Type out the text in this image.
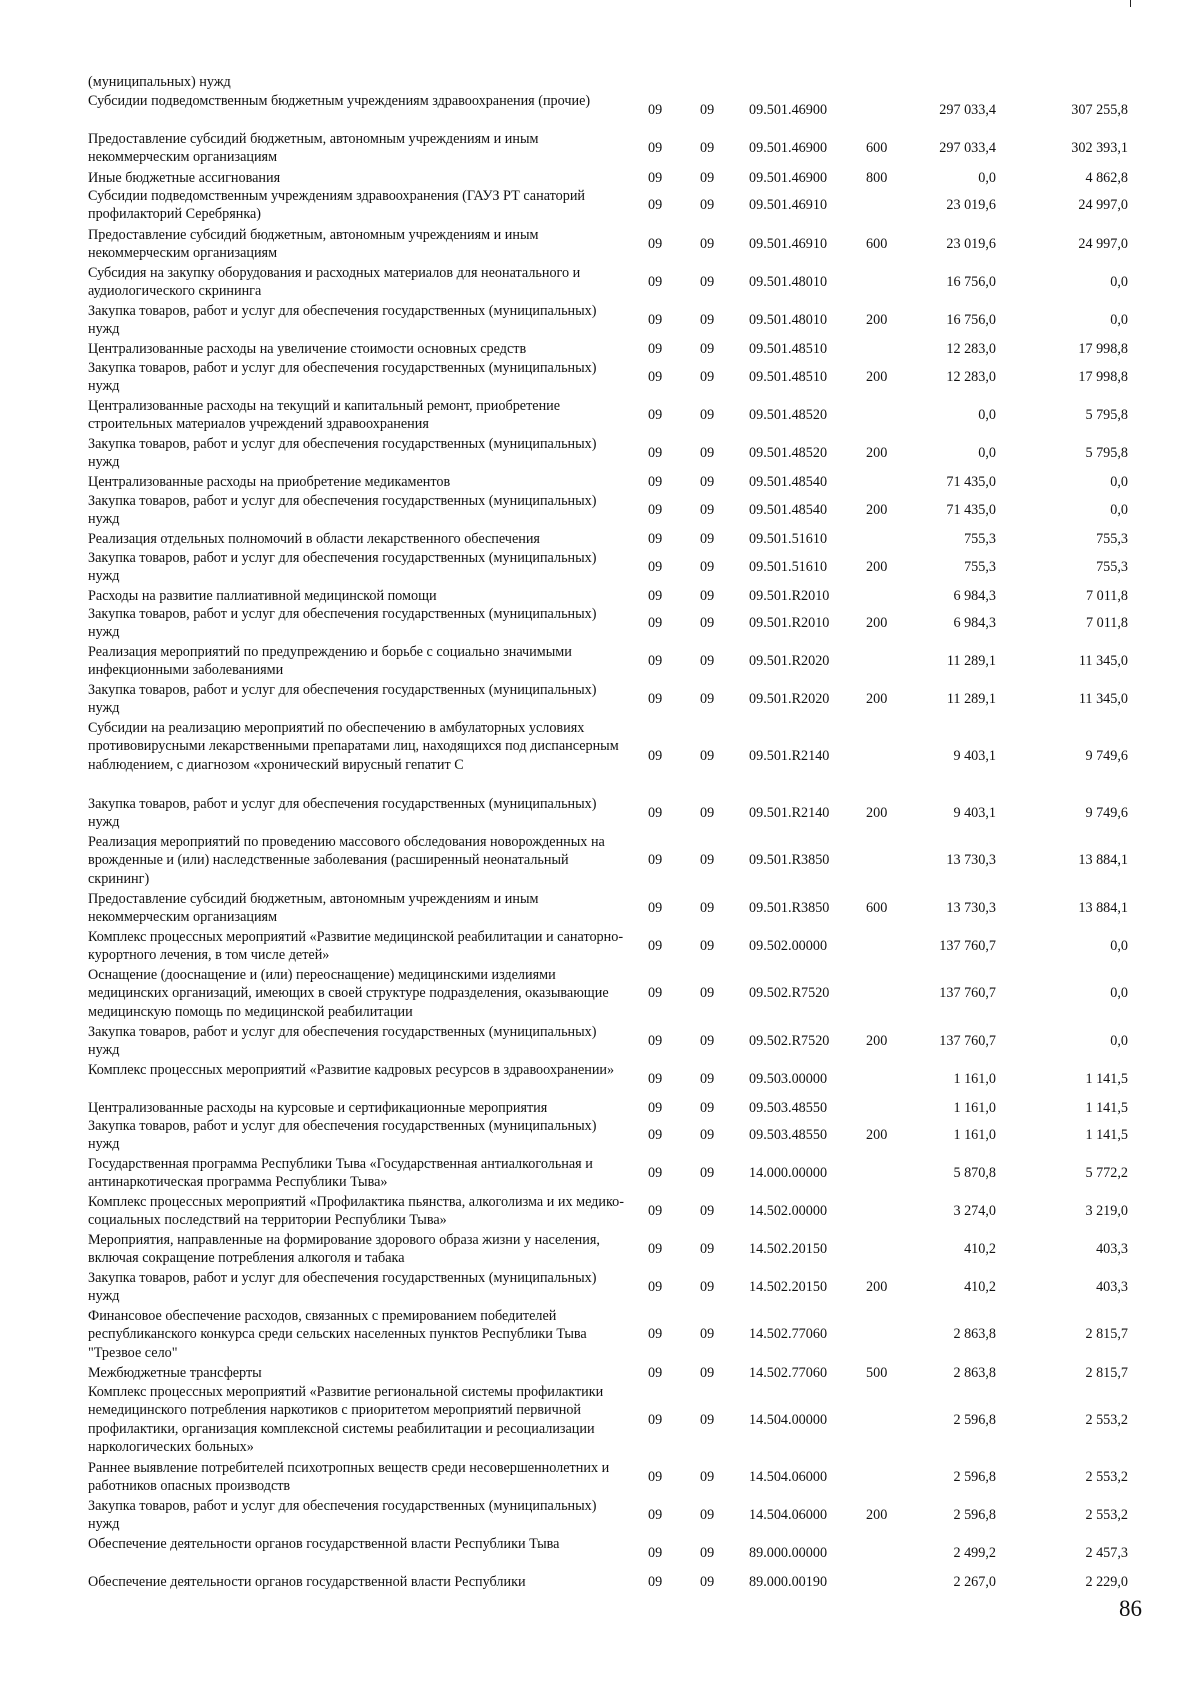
(муниципальных) нужд
Субсидии подведомственным бюджетным учреждениям здравоохранения (прочие)
09	09 09.501.46900	297 033,4	307 255,8
Предоставление субсидий бюджетным, автономным учреждениям и иным некоммерческим организациям
09	09 09.501.46900	600	297 033,4	302 393,1
Иные бюджетные ассигнования	09	09 09.501.46900	800	0,0	4 862,8
Субсидии подведомственным учреждениям здравоохранения (ГАУЗ РТ санаторий профилакторий Серебрянка)
09	09 09.501.46910	23 019,6	24 997,0
Предоставление субсидий бюджетным, автономным учреждениям и иным некоммерческим организациям
09	09 09.501.46910	600	23 019,6	24 997,0
Субсидия на закупку оборудования и расходных материалов для неонатального и аудиологического скрининга
09	09 09.501.48010	16 756,0	0,0
Закупка товаров, работ и услуг для обеспечения государственных (муниципальных) нужд
09	09 09.501.48010	200	16 756,0	0,0
Централизованные расходы на увеличение стоимости основных средств	09	09 09.501.48510	12 283,0	17 998,8
Закупка товаров, работ и услуг для обеспечения государственных (муниципальных) нужд
09	09 09.501.48510	200	12 283,0	17 998,8
Централизованные расходы на текущий и капитальный ремонт, приобретение строительных материалов учреждений здравоохранения
09	09 09.501.48520	0,0	5 795,8
Закупка товаров, работ и услуг для обеспечения государственных (муниципальных) нужд
09	09 09.501.48520	200	0,0	5 795,8
Централизованные расходы на приобретение медикаментов	09	09 09.501.48540	71 435,0	0,0
Закупка товаров, работ и услуг для обеспечения государственных (муниципальных) нужд
09	09 09.501.48540	200	71 435,0	0,0
Реализация отдельных полномочий в области лекарственного обеспечения	09	09 09.501.51610	755,3	755,3
Закупка товаров, работ и услуг для обеспечения государственных (муниципальных) нужд
09	09 09.501.51610	200	755,3	755,3
Расходы на развитие паллиативной медицинской помощи	09	09 09.501.R2010	6 984,3	7 011,8
Закупка товаров, работ и услуг для обеспечения государственных (муниципальных) нужд
09	09 09.501.R2010	200	6 984,3	7 011,8
Реализация мероприятий по предупреждению и борьбе с социально значимыми инфекционными заболеваниями
09	09 09.501.R2020	11 289,1	11 345,0
Закупка товаров, работ и услуг для обеспечения государственных (муниципальных) нужд
09	09 09.501.R2020	200	11 289,1	11 345,0
Субсидии на реализацию мероприятий по обеспечению в амбулаторных условиях противовирусными лекарственными препаратами лиц, находящихся под диспансерным наблюдением, с диагнозом «хронический вирусный гепатит С
09	09 09.501.R2140	9 403,1	9 749,6
Закупка товаров, работ и услуг для обеспечения государственных (муниципальных) нужд
09	09 09.501.R2140	200	9 403,1	9 749,6
Реализация мероприятий по проведению массового обследования новорожденных на врожденные и (или) наследственные заболевания (расширенный неонатальный скрининг)
09	09 09.501.R3850	13 730,3	13 884,1
Предоставление субсидий бюджетным, автономным учреждениям и иным некоммерческим организациям
09	09 09.501.R3850	600	13 730,3	13 884,1
Комплекс процессных мероприятий «Развитие медицинской реабилитации и санаторно-курортного лечения, в том числе детей»
09	09 09.502.00000	137 760,7	0,0
Оснащение (дооснащение и (или) переоснащение) медицинскими изделиями медицинских организаций, имеющих в своей структуре подразделения, оказывающие медицинскую помощь по медицинской реабилитации
09	09 09.502.R7520	137 760,7	0,0
Закупка товаров, работ и услуг для обеспечения государственных (муниципальных) нужд
09	09 09.502.R7520	200	137 760,7	0,0
Комплекс процессных мероприятий «Развитие кадровых ресурсов в здравоохранении»
09	09 09.503.00000	1 161,0	1 141,5
Централизованные расходы на курсовые и сертификационные мероприятия	09	09 09.503.48550	1 161,0	1 141,5
Закупка товаров, работ и услуг для обеспечения государственных (муниципальных) нужд
09	09 09.503.48550	200	1 161,0	1 141,5
Государственная программа Республики Тыва «Государственная антиалкогольная и антинаркотическая программа Республики Тыва»
09	09 14.000.00000	5 870,8	5 772,2
Комплекс процессных мероприятий «Профилактика пьянства, алкоголизма и их медико-социальных последствий на территории Республики Тыва»
09	09 14.502.00000	3 274,0	3 219,0
Мероприятия, направленные на формирование здорового образа жизни у населения, включая сокращение потребления алкоголя и табака
09	09 14.502.20150	410,2	403,3
Закупка товаров, работ и услуг для обеспечения государственных (муниципальных) нужд
09	09 14.502.20150	200	410,2	403,3
Финансовое обеспечение расходов, связанных с премированием победителей республиканского конкурса среди сельских населенных пунктов Республики Тыва "Трезвое село"
09	09 14.502.77060	2 863,8	2 815,7
Межбюджетные трансферты	09	09 14.502.77060	500	2 863,8	2 815,7
Комплекс процессных мероприятий «Развитие региональной системы профилактики немедицинского потребления наркотиков с приоритетом мероприятий первичной профилактики, организация комплексной системы реабилитации и ресоциализации наркологических больных»
09	09 14.504.00000	2 596,8	2 553,2
Раннее выявление потребителей психотропных веществ среди несовершеннолетних и работников опасных производств
09	09 14.504.06000	2 596,8	2 553,2
Закупка товаров, работ и услуг для обеспечения государственных (муниципальных) нужд
09	09 14.504.06000	200	2 596,8	2 553,2
Обеспечение деятельности органов государственной власти Республики Тыва
09	09 89.000.00000	2 499,2	2 457,3
Обеспечение деятельности органов государственной власти Республики	09	09 89.000.00190	2 267,0	2 229,0
86
